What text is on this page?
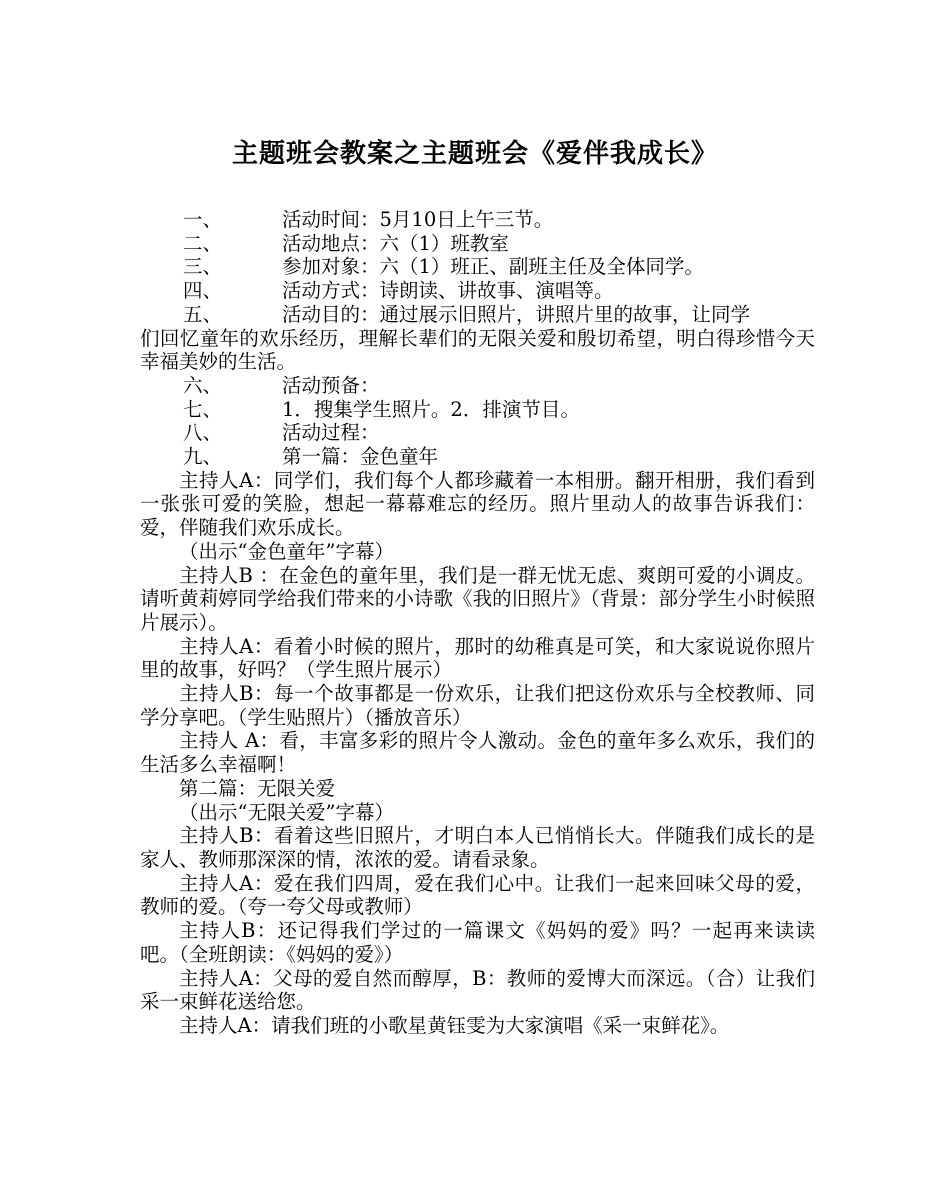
主题班会教案之主题班会《爱伴我成长》

一、	活动时间：5月10日上午三节。

二、	活动地点：六（1）班教室

三、	参加对象：六（1）班正、副班主任及全体同学。

四、	活动方式：诗朗读、讲故事、演唱等。

五、	活动目的：通过展示旧照片，讲照片里的故事，让同学

们回忆童年的欢乐经历，理解长辈们的无限关爱和殷切希望，明白得珍惜今天幸福美妙的生活。

六、	活动预备：

七、	1．搜集学生照片。2．排演节目。

八、	活动过程：

九、	第一篇：金色童年

主持人A：同学们，我们每个人都珍藏着一本相册。翻开相册，我们看到一张张可爱的笑脸，想起一幕幕难忘的经历。照片里动人的故事告诉我们：爱，伴随我们欢乐成长。

（出示“金色童年”字幕）

主持人B ：在金色的童年里，我们是一群无忧无虑、爽朗可爱的小调皮。请听黄莉婷同学给我们带来的小诗歌《我的旧照片》（背景：部分学生小时候照片展示）。

主持人A：看着小时候的照片，那时的幼稚真是可笑，和大家说说你照片里的故事，好吗？（学生照片展示）

主持人B：每一个故事都是一份欢乐，让我们把这份欢乐与全校教师、同学分享吧。（学生贴照片）（播放音乐）

主持人 A：看，丰富多彩的照片令人激动。金色的童年多么欢乐，我们的生活多么幸福啊！

第二篇：无限关爱

（出示“无限关爱”字幕）

主持人B：看着这些旧照片，才明白本人已悄悄长大。伴随我们成长的是家人、教师那深深的情，浓浓的爱。请看录象。

主持人A：爱在我们四周，爱在我们心中。让我们一起来回味父母的爱，教师的爱。（夸一夸父母或教师）

主持人B：还记得我们学过的一篇课文《妈妈的爱》吗？一起再来读读吧。（全班朗读：《妈妈的爱》）

主持人A：父母的爱自然而醇厚，B：教师的爱博大而深远。（合）让我们采一束鲜花送给您。

主持人A：请我们班的小歌星黄钰雯为大家演唱《采一束鲜花》。
